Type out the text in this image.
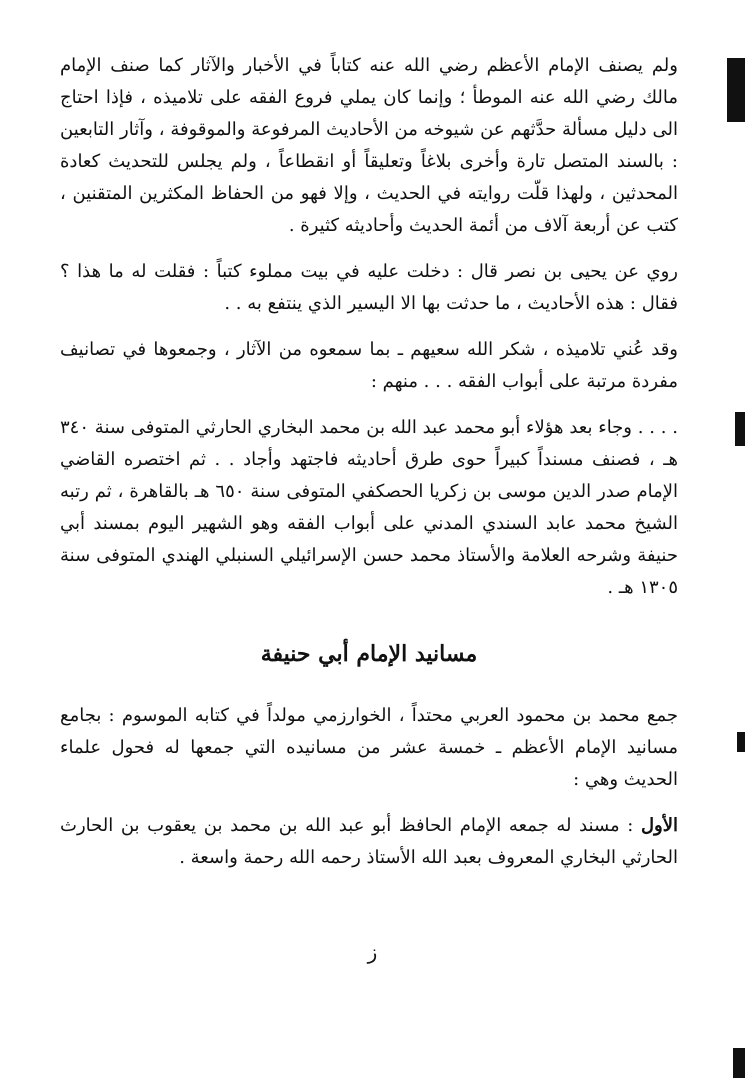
ولم يصنف الإمام الأعظم رضي الله عنه كتاباً في الأخبار والآثار كما صنف الإمام مالك رضي الله عنه الموطأ ؛ وإنما كان يملي فروع الفقه على تلاميذه ، فإذا احتاج الى دليل مسألة حدَّثهم عن شيوخه من الأحاديث المرفوعة والموقوفة ، وآثار التابعين : بالسند المتصل تارة وأخرى بلاغاً وتعليقاً أو انقطاعاً ، ولم يجلس للتحديث كعادة المحدثين ، ولهذا قلّت روايته في الحديث ، وإلا فهو من الحفاظ المكثرين المتقنين ، كتب عن أربعة آلاف من أئمة الحديث وأحاديثه كثيرة .

روي عن يحيى بن نصر قال : دخلت عليه في بيت مملوء كتباً : فقلت له ما هذا ؟ فقال : هذه الأحاديث ، ما حدثت بها الا اليسير الذي ينتفع به . .

وقد عُني تلاميذه ، شكر الله سعيهم ـ بما سمعوه من الآثار ، وجمعوها في تصانيف مفردة مرتبة على أبواب الفقه . . . منهم :

. . . . وجاء بعد هؤلاء أبو محمد عبد الله بن محمد البخاري الحارثي المتوفى سنة ٣٤٠ هـ ، فصنف مسنداً كبيراً حوى طرق أحاديثه فاجتهد وأجاد . . ثم اختصره القاضي الإمام صدر الدين موسى بن زكريا الحصكفي المتوفى سنة ٦٥٠ هـ بالقاهرة ، ثم رتبه الشيخ محمد عابد السندي المدني على أبواب الفقه وهو الشهير اليوم بمسند أبي حنيفة وشرحه العلامة والأستاذ محمد حسن الإسرائيلي السنبلي الهندي المتوفى سنة ١٣٠٥ هـ .

مسانيد الإمام أبي حنيفة

جمع محمد بن محمود العربي محتداً ، الخوارزمي مولداً في كتابه الموسوم : بجامع مسانيد الإمام الأعظم ـ خمسة عشر من مسانيده التي جمعها له فحول علماء الحديث وهي :

الأول : مسند له جمعه الإمام الحافظ أبو عبد الله بن محمد بن يعقوب بن الحارث الحارثي البخاري المعروف بعبد الله الأستاذ رحمه الله رحمة واسعة .

ز
